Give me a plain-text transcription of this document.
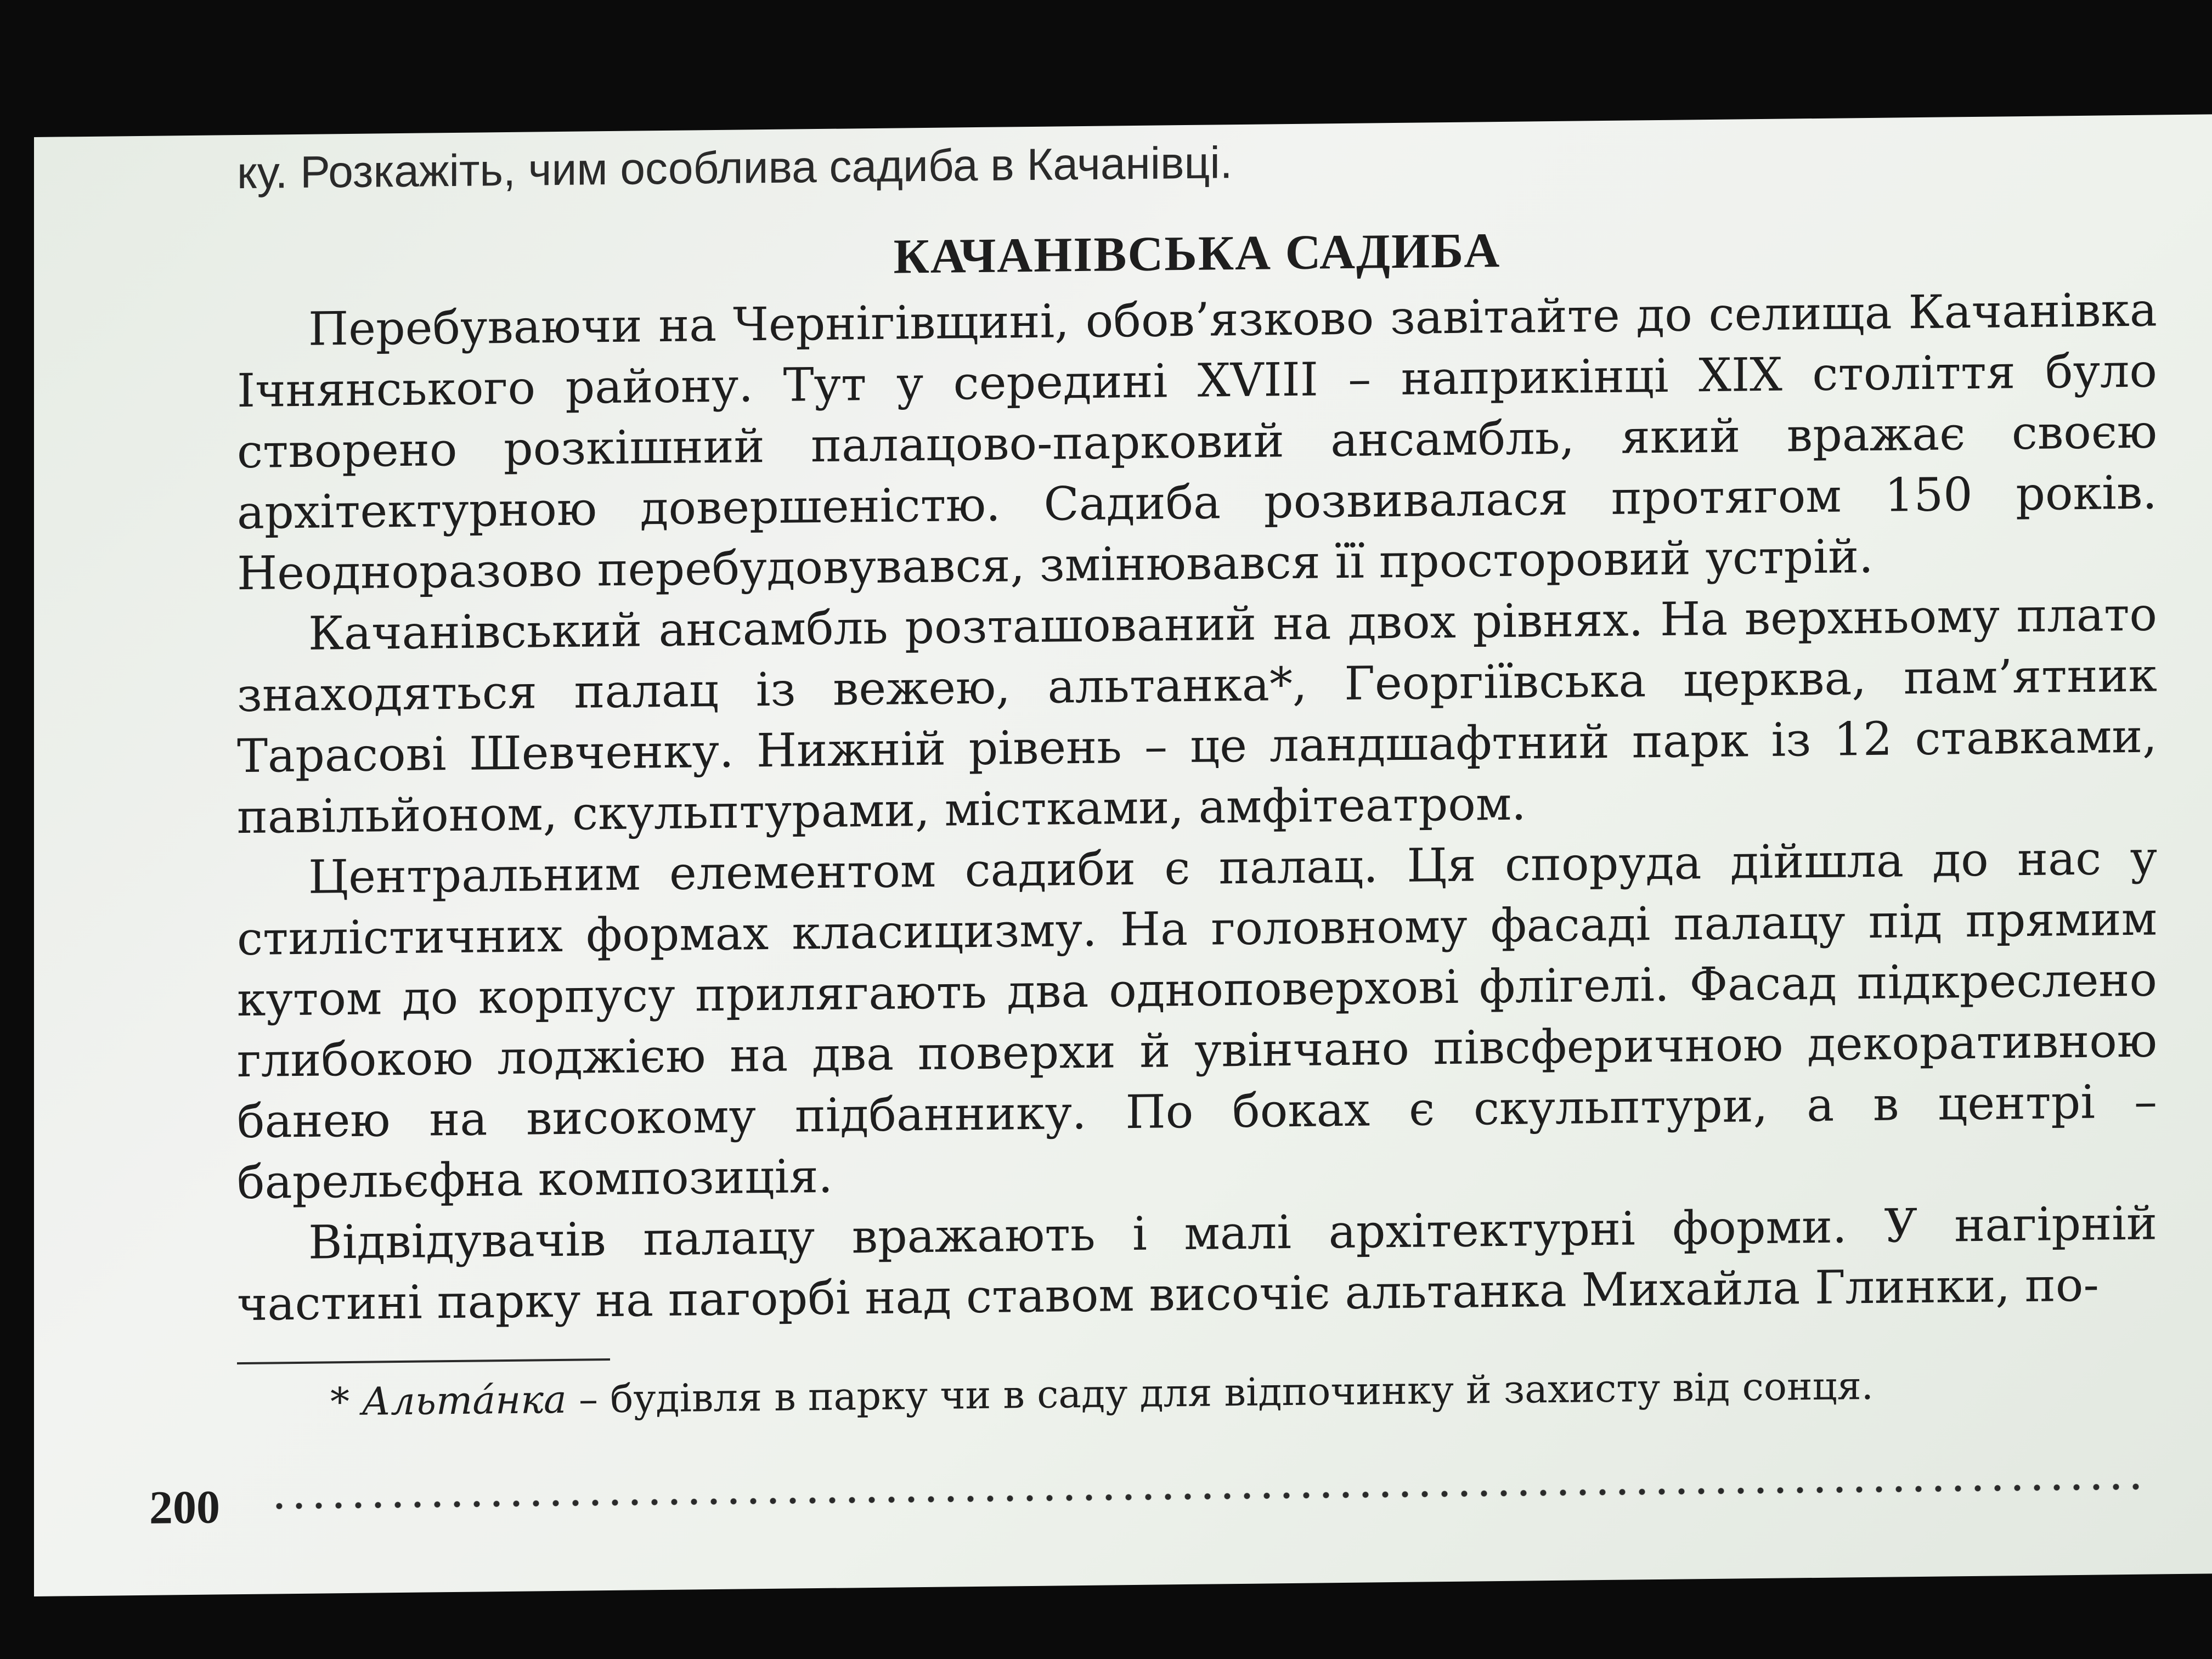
ку. Розкажіть, чим особлива садиба в Качанівці.

КАЧАНІВСЬКА САДИБА

Перебуваючи на Чернігівщині, обов’язково завітайте до селища Качанівка Ічнянського району. Тут у середині XVIII – наприкінці XIX століття було створено розкішний палацово-парковий ансамбль, який вражає своєю архітектурною довершеністю. Садиба розвивалася протягом 150 років. Неодноразово перебудовувався, змінювався її просторовий устрій.

Качанівський ансамбль розташований на двох рівнях. На верхньому плато знаходяться палац із вежею, альтанка*, Георгіївська церква, пам’ятник Тарасові Шевченку. Нижній рівень – це ландшафтний парк із 12 ставками, павільйоном, скульптурами, містками, амфітеатром.

Центральним елементом садиби є палац. Ця споруда дійшла до нас у стилістичних формах класицизму. На головному фасаді палацу під прямим кутом до корпусу прилягають два одноповерхові флігелі. Фасад підкреслено глибокою лоджією на два поверхи й увінчано півсферичною декоративною банею на високому підбаннику. По боках є скульптури, а в центрі – барельєфна композиція.

Відвідувачів палацу вражають і малі архітектурні форми. У нагірній частині парку на пагорбі над ставом височіє альтанка Михайла Глинки, по-

* Альта́нка – будівля в парку чи в саду для відпочинку й захисту від сонця.

200
